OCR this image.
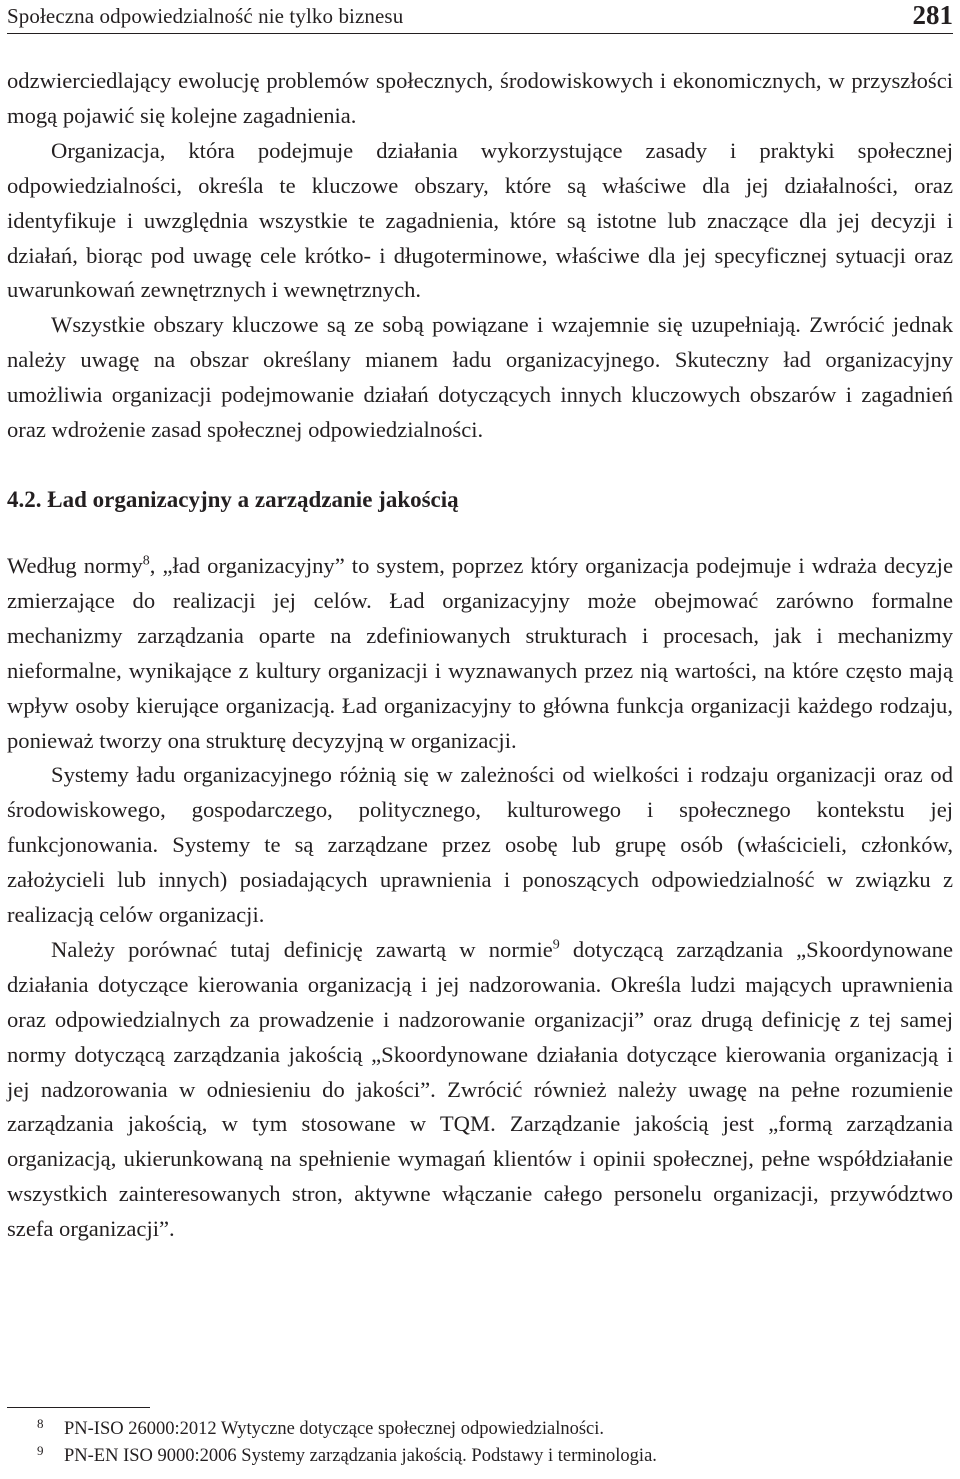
Społeczna odpowiedzialność nie tylko biznesu	281

odzwierciedlający ewolucję problemów społecznych, środowiskowych i ekonomicznych, w przyszłości mogą pojawić się kolejne zagadnienia.

Organizacja, która podejmuje działania wykorzystujące zasady i praktyki społecznej odpowiedzialności, określa te kluczowe obszary, które są właściwe dla jej działalności, oraz identyfikuje i uwzględnia wszystkie te zagadnienia, które są istotne lub znaczące dla jej decyzji i działań, biorąc pod uwagę cele krótko- i długoterminowe, właściwe dla jej specyficznej sytuacji oraz uwarunkowań zewnętrznych i wewnętrznych.

Wszystkie obszary kluczowe są ze sobą powiązane i wzajemnie się uzupełniają. Zwrócić jednak należy uwagę na obszar określany mianem ładu organizacyjnego. Skuteczny ład organizacyjny umożliwia organizacji podejmowanie działań dotyczących innych kluczowych obszarów i zagadnień oraz wdrożenie zasad społecznej odpowiedzialności.

4.2. Ład organizacyjny a zarządzanie jakością

Według normy$^8$, „ład organizacyjny” to system, poprzez który organizacja podejmuje i wdraża decyzje zmierzające do realizacji jej celów. Ład organizacyjny może obejmować zarówno formalne mechanizmy zarządzania oparte na zdefiniowanych strukturach i procesach, jak i mechanizmy nieformalne, wynikające z kultury organizacji i wyznawanych przez nią wartości, na które często mają wpływ osoby kierujące organizacją. Ład organizacyjny to główna funkcja organizacji każdego rodzaju, ponieważ tworzy ona strukturę decyzyjną w organizacji.

Systemy ładu organizacyjnego różnią się w zależności od wielkości i rodzaju organizacji oraz od środowiskowego, gospodarczego, politycznego, kulturowego i społecznego kontekstu jej funkcjonowania. Systemy te są zarządzane przez osobę lub grupę osób (właścicieli, członków, założycieli lub innych) posiadających uprawnienia i ponoszących odpowiedzialność w związku z realizacją celów organizacji.

Należy porównać tutaj definicję zawartą w normie$^9$ dotyczącą zarządzania „Skoordynowane działania dotyczące kierowania organizacją i jej nadzorowania. Określa ludzi mających uprawnienia oraz odpowiedzialnych za prowadzenie i nadzorowanie organizacji” oraz drugą definicję z tej samej normy dotyczącą zarządzania jakością „Skoordynowane działania dotyczące kierowania organizacją i jej nadzorowania w odniesieniu do jakości”. Zwrócić również należy uwagę na pełne rozumienie zarządzania jakością, w tym stosowane w TQM. Zarządzanie jakością jest „formą zarządzania organizacją, ukierunkowaną na spełnienie wymagań klientów i opinii społecznej, pełne współdziałanie wszystkich zainteresowanych stron, aktywne włączanie całego personelu organizacji, przywództwo szefa organizacji”.

8 PN-ISO 26000:2012 Wytyczne dotyczące społecznej odpowiedzialności.

9 PN-EN ISO 9000:2006 Systemy zarządzania jakością. Podstawy i terminologia.
